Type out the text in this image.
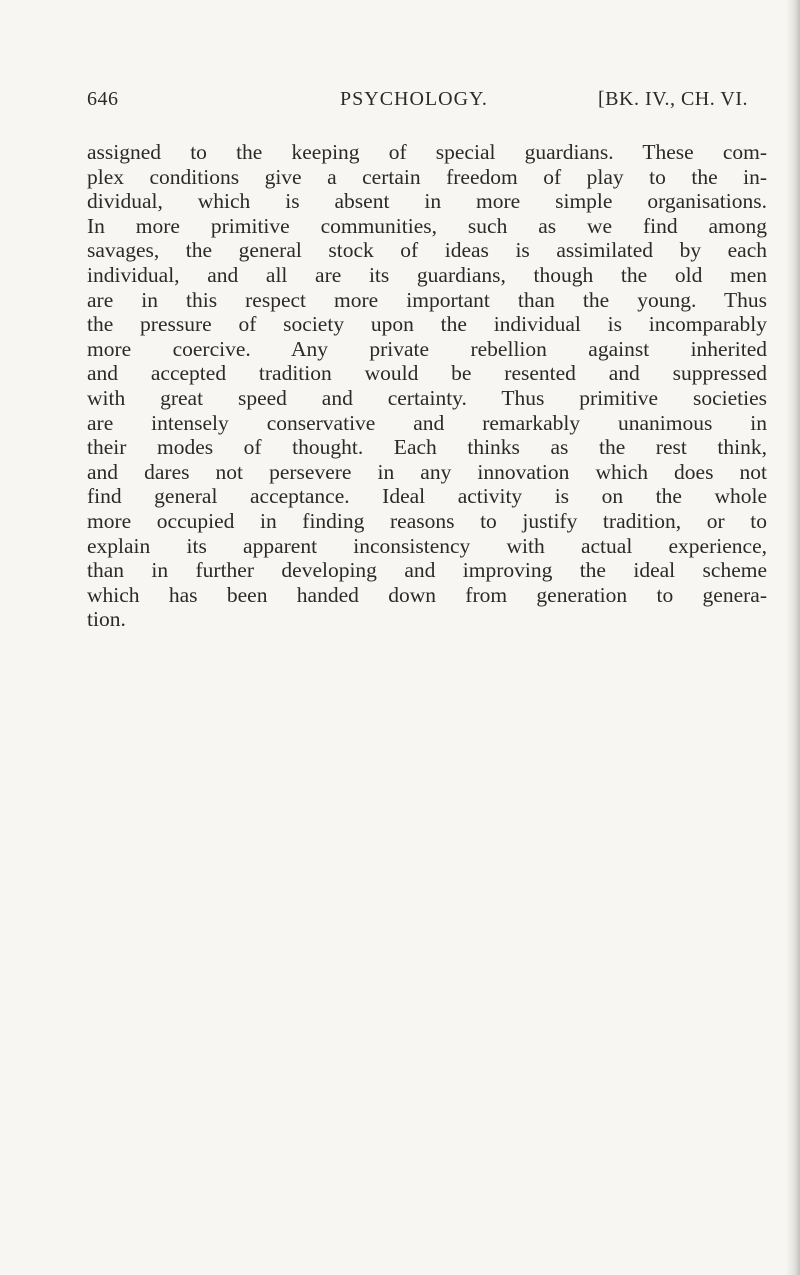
646	PSYCHOLOGY.	[BK. IV., CH. VI.
assigned to the keeping of special guardians. These com-
plex conditions give a certain freedom of play to the in-
dividual, which is absent in more simple organisations.
In more primitive communities, such as we find among
savages, the general stock of ideas is assimilated by each
individual, and all are its guardians, though the old men
are in this respect more important than the young. Thus
the pressure of society upon the individual is incomparably
more coercive. Any private rebellion against inherited
and accepted tradition would be resented and suppressed
with great speed and certainty. Thus primitive societies
are intensely conservative and remarkably unanimous in
their modes of thought. Each thinks as the rest think,
and dares not persevere in any innovation which does not
find general acceptance. Ideal activity is on the whole
more occupied in finding reasons to justify tradition, or to
explain its apparent inconsistency with actual experience,
than in further developing and improving the ideal scheme
which has been handed down from generation to genera-
tion.
